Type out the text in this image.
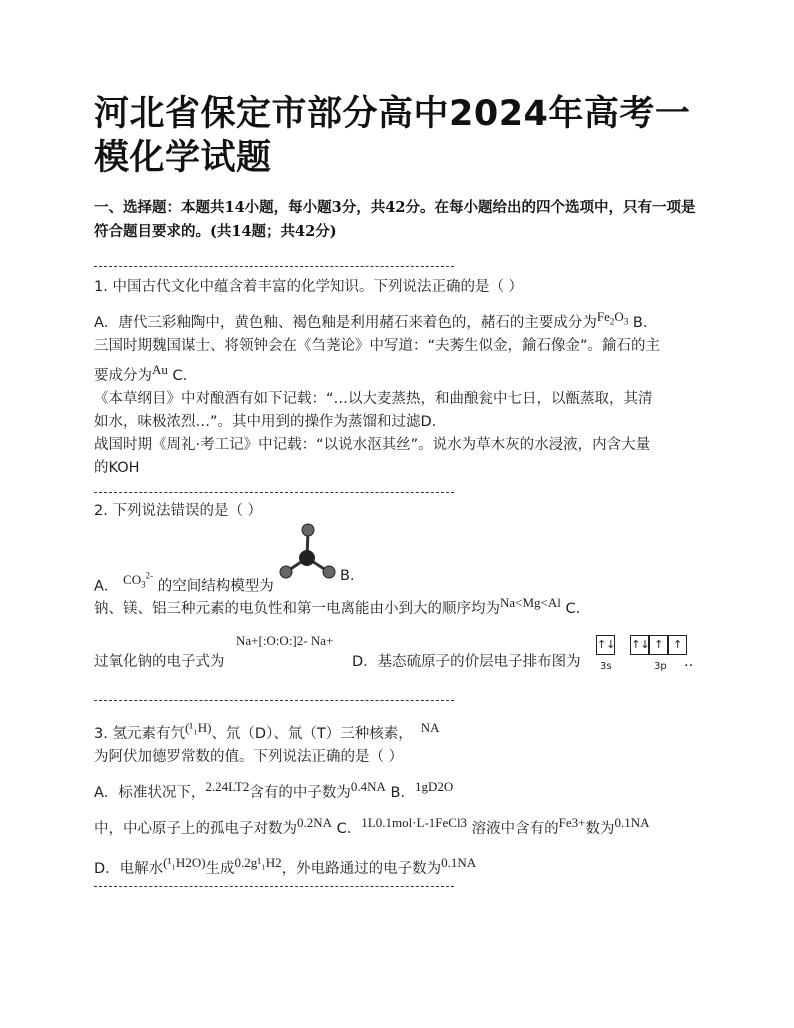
河北省保定市部分高中2024年高考一模化学试题
一、选择题：本题共14小题，每小题3分，共42分。在每小题给出的四个选项中，只有一项是符合题目要求的。(共14题；共42分)
1. 中国古代文化中蕴含着丰富的化学知识。下列说法正确的是（ ）
A．唐代三彩釉陶中，黄色釉、褐色釉是利用赭石来着色的，赭石的主要成分为$Fe_2O_3$ B．
三国时期魏国谋士、将领钟会在《刍荛论》中写道：“夫莠生似金，鍮石像金”。鍮石的主
要成分为Au C．
《本草纲目》中对酿酒有如下记载：“…以大麦蒸热，和曲酿瓮中七日，以甑蒸取，其清
如水，味极浓烈…”。其中用到的操作为蒸馏和过滤D．
战国时期《周礼·考工记》中记载：“以说水沤其丝”。说水为草木灰的水浸液，内含大量
的KOH
2. 下列说法错误的是（ ）
A． $CO_3^{2-}$ 的空间结构模型为
B．
钠、镁、铝三种元素的电负性和第一电离能由小到大的顺序均为Na<Mg<Al C．
Na+[:O:O:]2- Na+
过氧化钠的电子式为	D．基态硫原子的价层电子排布图为
↑↓ ↑↓ ↑ ↑
3s	3p ..
3. 氢元素有氕(¹₁H)、氘（D）、氚（T）三种核素， NA
为阿伏加德罗常数的值。下列说法正确的是（ ）
A．标准状况下，2.24LT2含有的中子数为0.4NA B．1gD2O
中，中心原子上的孤电子对数为0.2NA C．1L0.1mol·L-1FeCl3 溶液中含有的Fe3+数为0.1NA
D．电解水(¹₁H2O)生成0.2g¹₁H2，外电路通过的电子数为0.1NA
